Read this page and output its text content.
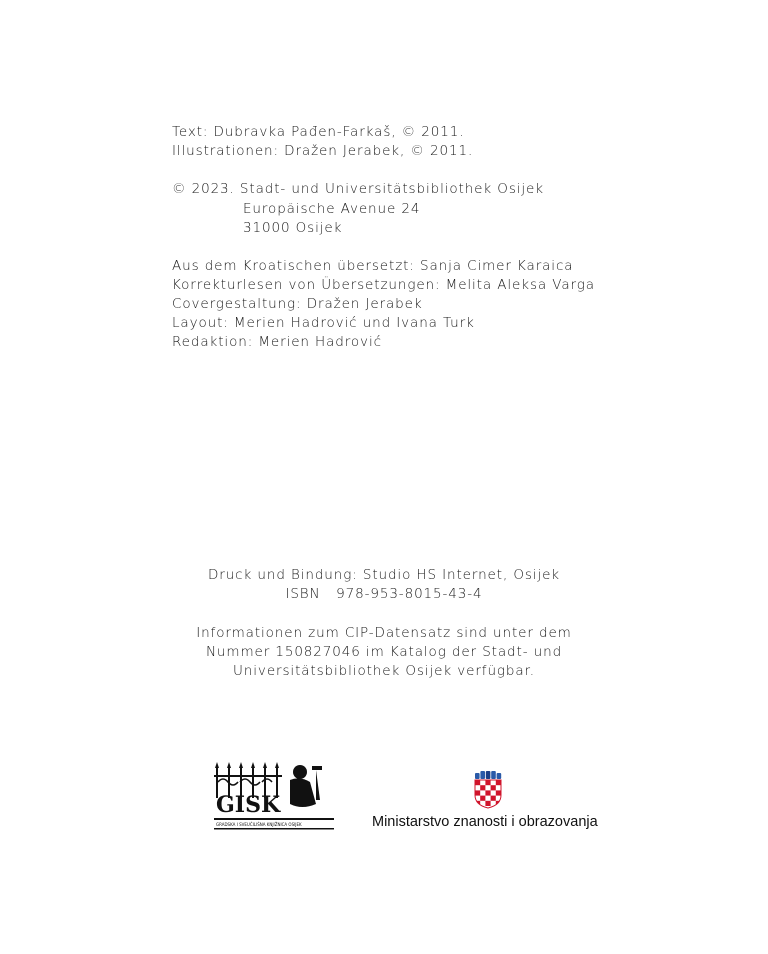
Text: Dubravka Pađen-Farkaš, © 2011.
Illustrationen: Dražen Jerabek, © 2011.
© 2023. Stadt- und Universitätsbibliothek Osijek
Europäische Avenue 24
31000 Osijek
Aus dem Kroatischen übersetzt: Sanja Cimer Karaica
Korrekturlesen von Übersetzungen: Melita Aleksa Varga
Covergestaltung: Dražen Jerabek
Layout: Merien Hadrović und Ivana Turk
Redaktion: Merien Hadrović
Druck und Bindung: Studio HS Internet, Osijek
ISBN   978-953-8015-43-4
Informationen zum CIP-Datensatz sind unter dem
Nummer 150827046 im Katalog der Stadt- und
Universitätsbibliothek Osijek verfügbar.
GISK
GRADSKA I SVEUČILIŠNA KNJIŽNICA OSIJEK	Ministarstvo znanosti i obrazovanja
